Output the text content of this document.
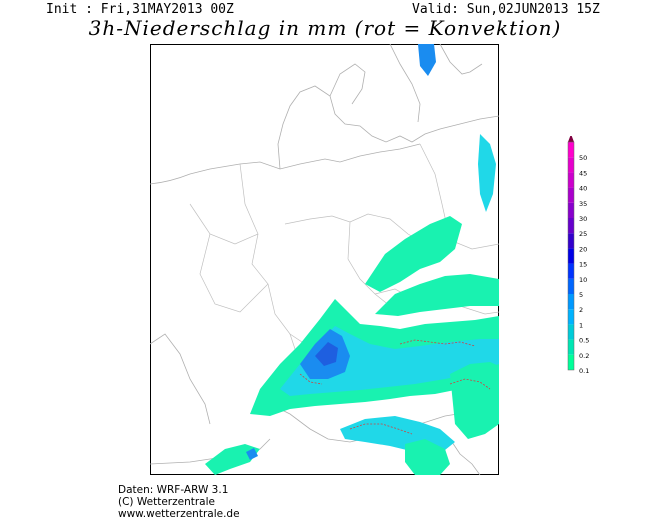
Init : Fri,31MAY2013 00Z	Valid: Sun,02JUN2013 15Z
3h-Niederschlag in mm (rot = Konvektion)
0.1
0.2
0.5
1
2
5
10
15
20
25
30
35
40
45
50
Daten: WRF-ARW 3.1
(C) Wetterzentrale
www.wetterzentrale.de
